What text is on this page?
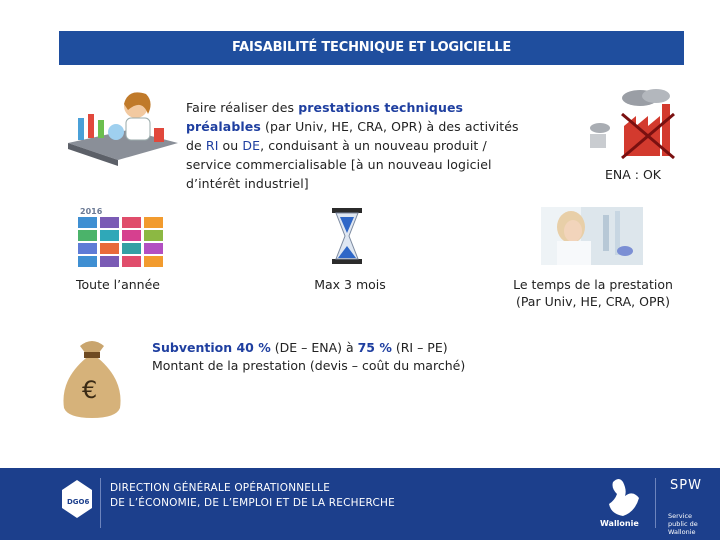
FAISABILITÉ TECHNIQUE ET LOGICIELLE
Faire réaliser des prestations techniques préalables (par Univ, HE, CRA, OPR) à des activités de RI ou DE, conduisant à un nouveau produit / service commercialisable [à un nouveau logiciel d’intérêt industriel]
ENA : OK
2016
Toute l’année	Max 3 mois	Le temps de la prestation
(Par Univ, HE, CRA, OPR)
€
Subvention 40 % (DE – ENA) à 75 % (RI – PE)
Montant de la prestation (devis – coût du marché)
DGO6
DIRECTION GÉNÉRALE OPÉRATIONNELLE
DE L’ÉCONOMIE, DE L’EMPLOI ET DE LA RECHERCHE
Wallonie
SPW
Service public de Wallonie
